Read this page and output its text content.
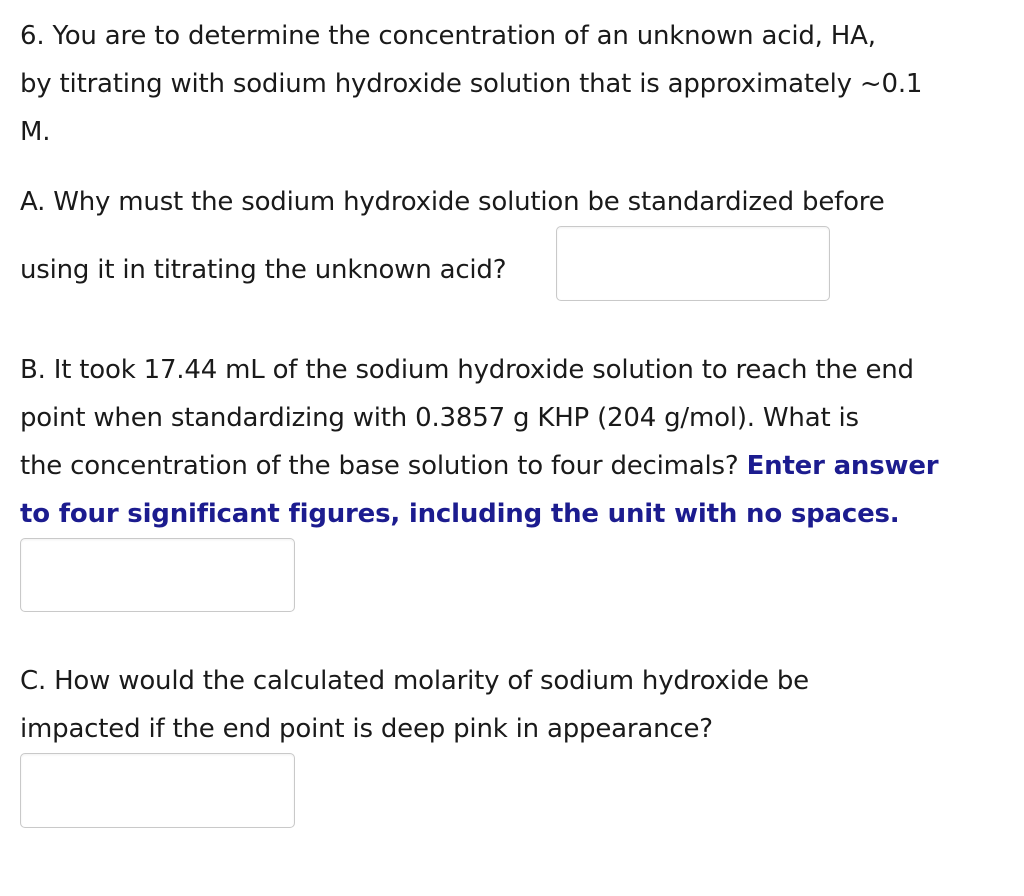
6. You are to determine the concentration of an unknown acid, HA,
by titrating with sodium hydroxide solution that is approximately ~0.1
M.
A. Why must the sodium hydroxide solution be standardized before
using it in titrating the unknown acid?
B. It took 17.44 mL of the sodium hydroxide solution to reach the end
point when standardizing with 0.3857 g KHP (204 g/mol). What is
the concentration of the base solution to four decimals? Enter answer
to four significant figures, including the unit with no spaces.
C. How would the calculated molarity of sodium hydroxide be
impacted if the end point is deep pink in appearance?
